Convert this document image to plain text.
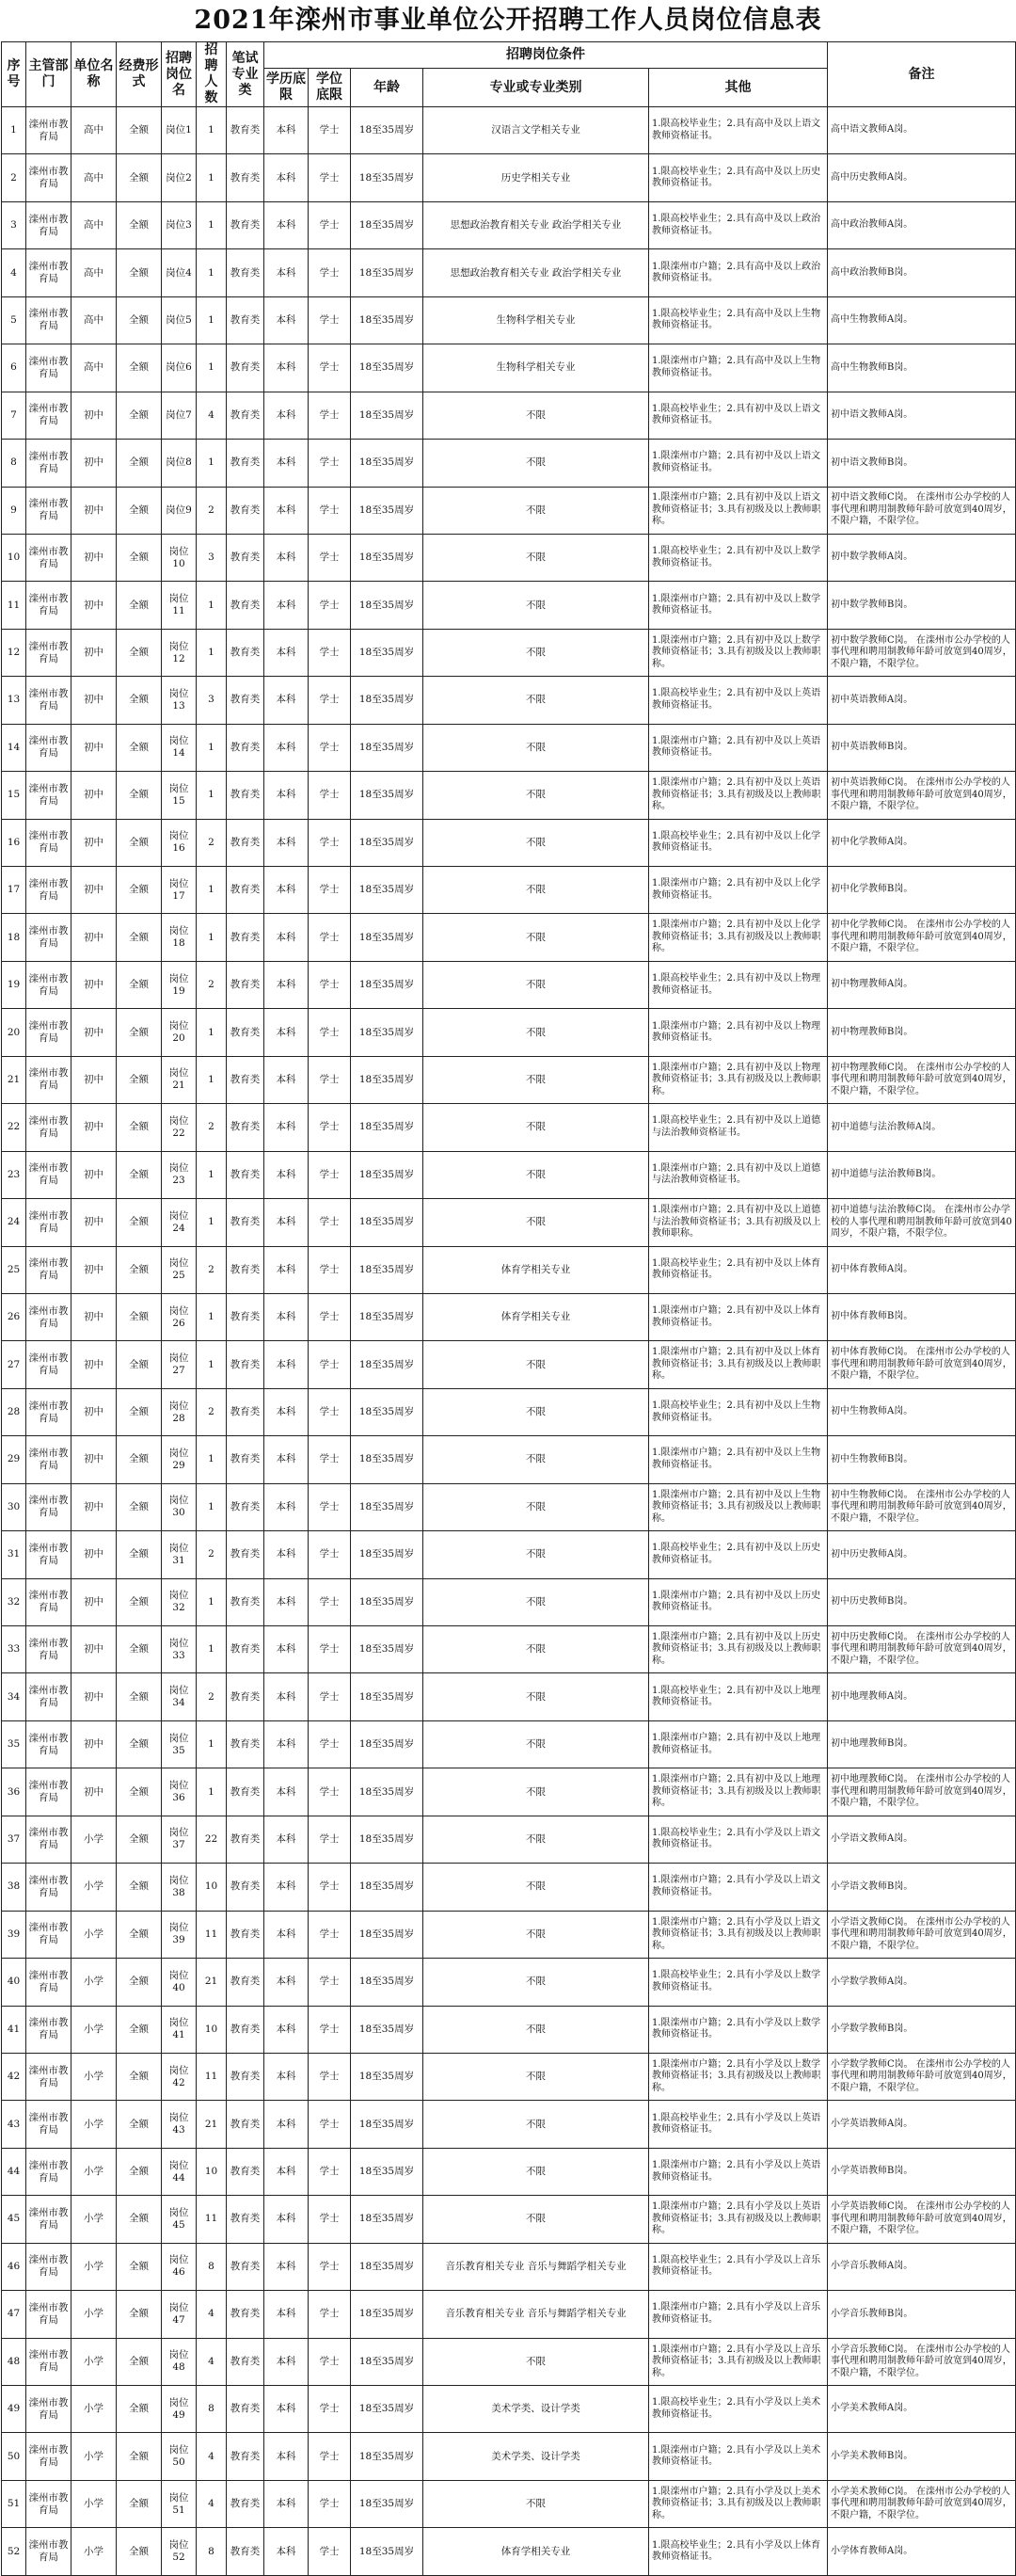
2021年滦州市事业单位公开招聘工作人员岗位信息表
序号	主管部门	单位名称	经费形式	招聘岗位名	招聘人数	笔试专业类	招聘岗位条件					备注
							学历底限	学位底限	年龄	专业或专业类别	其他	
1	滦州市教育局	高中	全额	岗位1	1	教育类	本科	学士	18至35周岁	汉语言文学相关专业	1.限高校毕业生；2.具有高中及以上语文教师资格证书。	高中语文教师A岗。
2	滦州市教育局	高中	全额	岗位2	1	教育类	本科	学士	18至35周岁	历史学相关专业	1.限高校毕业生；2.具有高中及以上历史教师资格证书。	高中历史教师A岗。
3	滦州市教育局	高中	全额	岗位3	1	教育类	本科	学士	18至35周岁	思想政治教育相关专业 政治学相关专业	1.限高校毕业生；2.具有高中及以上政治教师资格证书。	高中政治教师A岗。
4	滦州市教育局	高中	全额	岗位4	1	教育类	本科	学士	18至35周岁	思想政治教育相关专业 政治学相关专业	1.限滦州市户籍；2.具有高中及以上政治教师资格证书。	高中政治教师B岗。
5	滦州市教育局	高中	全额	岗位5	1	教育类	本科	学士	18至35周岁	生物科学相关专业	1.限高校毕业生；2.具有高中及以上生物教师资格证书。	高中生物教师A岗。
6	滦州市教育局	高中	全额	岗位6	1	教育类	本科	学士	18至35周岁	生物科学相关专业	1.限滦州市户籍；2.具有高中及以上生物教师资格证书。	高中生物教师B岗。
7	滦州市教育局	初中	全额	岗位7	4	教育类	本科	学士	18至35周岁	不限	1.限高校毕业生；2.具有初中及以上语文教师资格证书。	初中语文教师A岗。
8	滦州市教育局	初中	全额	岗位8	1	教育类	本科	学士	18至35周岁	不限	1.限滦州市户籍；2.具有初中及以上语文教师资格证书。	初中语文教师B岗。
9	滦州市教育局	初中	全额	岗位9	2	教育类	本科	学士	18至35周岁	不限	1.限滦州市户籍；2.具有初中及以上语文教师资格证书；3.具有初级及以上教师职称。	初中语文教师C岗。 在滦州市公办学校的人事代理和聘用制教师年龄可放宽到40周岁，不限户籍，不限学位。
10	滦州市教育局	初中	全额	岗位10	3	教育类	本科	学士	18至35周岁	不限	1.限高校毕业生；2.具有初中及以上数学教师资格证书。	初中数学教师A岗。
11	滦州市教育局	初中	全额	岗位11	1	教育类	本科	学士	18至35周岁	不限	1.限滦州市户籍；2.具有初中及以上数学教师资格证书。	初中数学教师B岗。
12	滦州市教育局	初中	全额	岗位12	1	教育类	本科	学士	18至35周岁	不限	1.限滦州市户籍；2.具有初中及以上数学教师资格证书；3.具有初级及以上教师职称。	初中数学教师C岗。 在滦州市公办学校的人事代理和聘用制教师年龄可放宽到40周岁，不限户籍，不限学位。
13	滦州市教育局	初中	全额	岗位13	3	教育类	本科	学士	18至35周岁	不限	1.限高校毕业生；2.具有初中及以上英语教师资格证书。	初中英语教师A岗。
14	滦州市教育局	初中	全额	岗位14	1	教育类	本科	学士	18至35周岁	不限	1.限滦州市户籍；2.具有初中及以上英语教师资格证书。	初中英语教师B岗。
15	滦州市教育局	初中	全额	岗位15	1	教育类	本科	学士	18至35周岁	不限	1.限滦州市户籍；2.具有初中及以上英语教师资格证书；3.具有初级及以上教师职称。	初中英语教师C岗。 在滦州市公办学校的人事代理和聘用制教师年龄可放宽到40周岁，不限户籍，不限学位。
16	滦州市教育局	初中	全额	岗位16	2	教育类	本科	学士	18至35周岁	不限	1.限高校毕业生；2.具有初中及以上化学教师资格证书。	初中化学教师A岗。
17	滦州市教育局	初中	全额	岗位17	1	教育类	本科	学士	18至35周岁	不限	1.限滦州市户籍；2.具有初中及以上化学教师资格证书。	初中化学教师B岗。
18	滦州市教育局	初中	全额	岗位18	1	教育类	本科	学士	18至35周岁	不限	1.限滦州市户籍；2.具有初中及以上化学教师资格证书；3.具有初级及以上教师职称。	初中化学教师C岗。 在滦州市公办学校的人事代理和聘用制教师年龄可放宽到40周岁，不限户籍，不限学位。
19	滦州市教育局	初中	全额	岗位19	2	教育类	本科	学士	18至35周岁	不限	1.限高校毕业生；2.具有初中及以上物理教师资格证书。	初中物理教师A岗。
20	滦州市教育局	初中	全额	岗位20	1	教育类	本科	学士	18至35周岁	不限	1.限滦州市户籍；2.具有初中及以上物理教师资格证书。	初中物理教师B岗。
21	滦州市教育局	初中	全额	岗位21	1	教育类	本科	学士	18至35周岁	不限	1.限滦州市户籍；2.具有初中及以上物理教师资格证书；3.具有初级及以上教师职称。	初中物理教师C岗。 在滦州市公办学校的人事代理和聘用制教师年龄可放宽到40周岁，不限户籍，不限学位。
22	滦州市教育局	初中	全额	岗位22	2	教育类	本科	学士	18至35周岁	不限	1.限高校毕业生；2.具有初中及以上道德与法治教师资格证书。	初中道德与法治教师A岗。
23	滦州市教育局	初中	全额	岗位23	1	教育类	本科	学士	18至35周岁	不限	1.限滦州市户籍；2.具有初中及以上道德与法治教师资格证书。	初中道德与法治教师B岗。
24	滦州市教育局	初中	全额	岗位24	1	教育类	本科	学士	18至35周岁	不限	1.限滦州市户籍；2.具有初中及以上道德与法治教师资格证书；3.具有初级及以上教师职称。	初中道德与法治教师C岗。 在滦州市公办学校的人事代理和聘用制教师年龄可放宽到40周岁，不限户籍，不限学位。
25	滦州市教育局	初中	全额	岗位25	2	教育类	本科	学士	18至35周岁	体育学相关专业	1.限高校毕业生；2.具有初中及以上体育教师资格证书。	初中体育教师A岗。
26	滦州市教育局	初中	全额	岗位26	1	教育类	本科	学士	18至35周岁	体育学相关专业	1.限滦州市户籍；2.具有初中及以上体育教师资格证书。	初中体育教师B岗。
27	滦州市教育局	初中	全额	岗位27	1	教育类	本科	学士	18至35周岁	不限	1.限滦州市户籍；2.具有初中及以上体育教师资格证书；3.具有初级及以上教师职称。	初中体育教师C岗。 在滦州市公办学校的人事代理和聘用制教师年龄可放宽到40周岁，不限户籍，不限学位。
28	滦州市教育局	初中	全额	岗位28	2	教育类	本科	学士	18至35周岁	不限	1.限高校毕业生；2.具有初中及以上生物教师资格证书。	初中生物教师A岗。
29	滦州市教育局	初中	全额	岗位29	1	教育类	本科	学士	18至35周岁	不限	1.限滦州市户籍；2.具有初中及以上生物教师资格证书。	初中生物教师B岗。
30	滦州市教育局	初中	全额	岗位30	1	教育类	本科	学士	18至35周岁	不限	1.限滦州市户籍；2.具有初中及以上生物教师资格证书；3.具有初级及以上教师职称。	初中生物教师C岗。 在滦州市公办学校的人事代理和聘用制教师年龄可放宽到40周岁，不限户籍，不限学位。
31	滦州市教育局	初中	全额	岗位31	2	教育类	本科	学士	18至35周岁	不限	1.限高校毕业生；2.具有初中及以上历史教师资格证书。	初中历史教师A岗。
32	滦州市教育局	初中	全额	岗位32	1	教育类	本科	学士	18至35周岁	不限	1.限滦州市户籍；2.具有初中及以上历史教师资格证书。	初中历史教师B岗。
33	滦州市教育局	初中	全额	岗位33	1	教育类	本科	学士	18至35周岁	不限	1.限滦州市户籍；2.具有初中及以上历史教师资格证书；3.具有初级及以上教师职称。	初中历史教师C岗。 在滦州市公办学校的人事代理和聘用制教师年龄可放宽到40周岁，不限户籍，不限学位。
34	滦州市教育局	初中	全额	岗位34	2	教育类	本科	学士	18至35周岁	不限	1.限高校毕业生；2.具有初中及以上地理教师资格证书。	初中地理教师A岗。
35	滦州市教育局	初中	全额	岗位35	1	教育类	本科	学士	18至35周岁	不限	1.限滦州市户籍；2.具有初中及以上地理教师资格证书。	初中地理教师B岗。
36	滦州市教育局	初中	全额	岗位36	1	教育类	本科	学士	18至35周岁	不限	1.限滦州市户籍；2.具有初中及以上地理教师资格证书；3.具有初级及以上教师职称。	初中地理教师C岗。 在滦州市公办学校的人事代理和聘用制教师年龄可放宽到40周岁，不限户籍，不限学位。
37	滦州市教育局	小学	全额	岗位37	22	教育类	本科	学士	18至35周岁	不限	1.限高校毕业生；2.具有小学及以上语文教师资格证书。	小学语文教师A岗。
38	滦州市教育局	小学	全额	岗位38	10	教育类	本科	学士	18至35周岁	不限	1.限滦州市户籍；2.具有小学及以上语文教师资格证书。	小学语文教师B岗。
39	滦州市教育局	小学	全额	岗位39	11	教育类	本科	学士	18至35周岁	不限	1.限滦州市户籍；2.具有小学及以上语文教师资格证书；3.具有初级及以上教师职称。	小学语文教师C岗。 在滦州市公办学校的人事代理和聘用制教师年龄可放宽到40周岁，不限户籍，不限学位。
40	滦州市教育局	小学	全额	岗位40	21	教育类	本科	学士	18至35周岁	不限	1.限高校毕业生；2.具有小学及以上数学教师资格证书。	小学数学教师A岗。
41	滦州市教育局	小学	全额	岗位41	10	教育类	本科	学士	18至35周岁	不限	1.限滦州市户籍；2.具有小学及以上数学教师资格证书。	小学数学教师B岗。
42	滦州市教育局	小学	全额	岗位42	11	教育类	本科	学士	18至35周岁	不限	1.限滦州市户籍；2.具有小学及以上数学教师资格证书；3.具有初级及以上教师职称。	小学数学教师C岗。 在滦州市公办学校的人事代理和聘用制教师年龄可放宽到40周岁，不限户籍，不限学位。
43	滦州市教育局	小学	全额	岗位43	21	教育类	本科	学士	18至35周岁	不限	1.限高校毕业生；2.具有小学及以上英语教师资格证书。	小学英语教师A岗。
44	滦州市教育局	小学	全额	岗位44	10	教育类	本科	学士	18至35周岁	不限	1.限滦州市户籍；2.具有小学及以上英语教师资格证书。	小学英语教师B岗。
45	滦州市教育局	小学	全额	岗位45	11	教育类	本科	学士	18至35周岁	不限	1.限滦州市户籍；2.具有小学及以上英语教师资格证书；3.具有初级及以上教师职称。	小学英语教师C岗。 在滦州市公办学校的人事代理和聘用制教师年龄可放宽到40周岁，不限户籍，不限学位。
46	滦州市教育局	小学	全额	岗位46	8	教育类	本科	学士	18至35周岁	音乐教育相关专业 音乐与舞蹈学相关专业	1.限高校毕业生；2.具有小学及以上音乐教师资格证书。	小学音乐教师A岗。
47	滦州市教育局	小学	全额	岗位47	4	教育类	本科	学士	18至35周岁	音乐教育相关专业 音乐与舞蹈学相关专业	1.限滦州市户籍；2.具有小学及以上音乐教师资格证书。	小学音乐教师B岗。
48	滦州市教育局	小学	全额	岗位48	4	教育类	本科	学士	18至35周岁	不限	1.限滦州市户籍；2.具有小学及以上音乐教师资格证书；3.具有初级及以上教师职称。	小学音乐教师C岗。 在滦州市公办学校的人事代理和聘用制教师年龄可放宽到40周岁，不限户籍，不限学位。
49	滦州市教育局	小学	全额	岗位49	8	教育类	本科	学士	18至35周岁	美术学类、设计学类	1.限高校毕业生；2.具有小学及以上美术教师资格证书。	小学美术教师A岗。
50	滦州市教育局	小学	全额	岗位50	4	教育类	本科	学士	18至35周岁	美术学类、设计学类	1.限滦州市户籍；2.具有小学及以上美术教师资格证书。	小学美术教师B岗。
51	滦州市教育局	小学	全额	岗位51	4	教育类	本科	学士	18至35周岁	不限	1.限滦州市户籍；2.具有小学及以上美术教师资格证书；3.具有初级及以上教师职称。	小学美术教师C岗。 在滦州市公办学校的人事代理和聘用制教师年龄可放宽到40周岁，不限户籍，不限学位。
52	滦州市教育局	小学	全额	岗位52	8	教育类	本科	学士	18至35周岁	体育学相关专业	1.限高校毕业生；2.具有小学及以上体育教师资格证书。	小学体育教师A岗。
